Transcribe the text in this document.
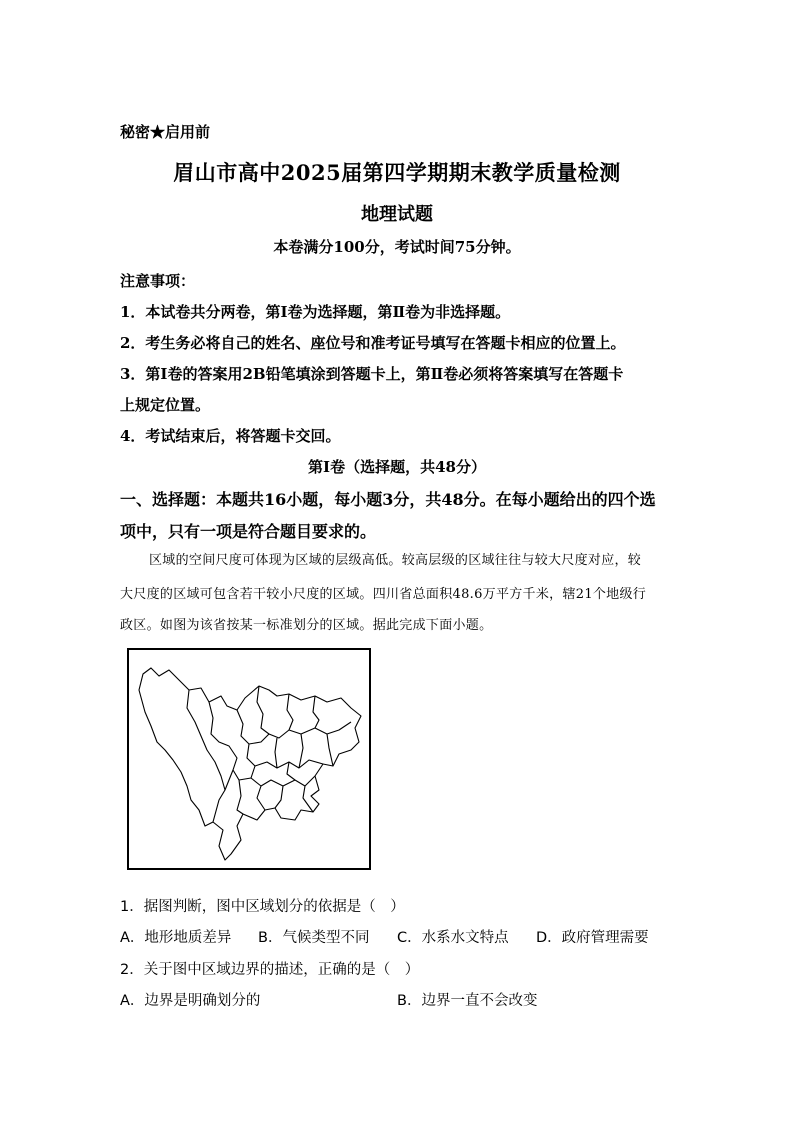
秘密★启用前
眉山市高中2025届第四学期期末教学质量检测
地理试题
本卷满分100分，考试时间75分钟。
注意事项：
1．本试卷共分两卷，第Ⅰ卷为选择题，第Ⅱ卷为非选择题。
2．考生务必将自己的姓名、座位号和准考证号填写在答题卡相应的位置上。
3．第Ⅰ卷的答案用2B铅笔填涂到答题卡上，第Ⅱ卷必须将答案填写在答题卡
上规定位置。
4．考试结束后，将答题卡交回。
第Ⅰ卷（选择题，共48分）
一、选择题：本题共16小题，每小题3分，共48分。在每小题给出的四个选
项中，只有一项是符合题目要求的。
区域的空间尺度可体现为区域的层级高低。较高层级的区域往往与较大尺度对应，较
大尺度的区域可包含若干较小尺度的区域。四川省总面积48.6万平方千米，辖21个地级行
政区。如图为该省按某一标准划分的区域。据此完成下面小题。
1．据图判断，图中区域划分的依据是（　）
A．地形地质差异 B．气候类型不同 C．水系水文特点 D．政府管理需要
2．关于图中区域边界的描述，正确的是（　）
A．边界是明确划分的	B．边界一直不会改变
